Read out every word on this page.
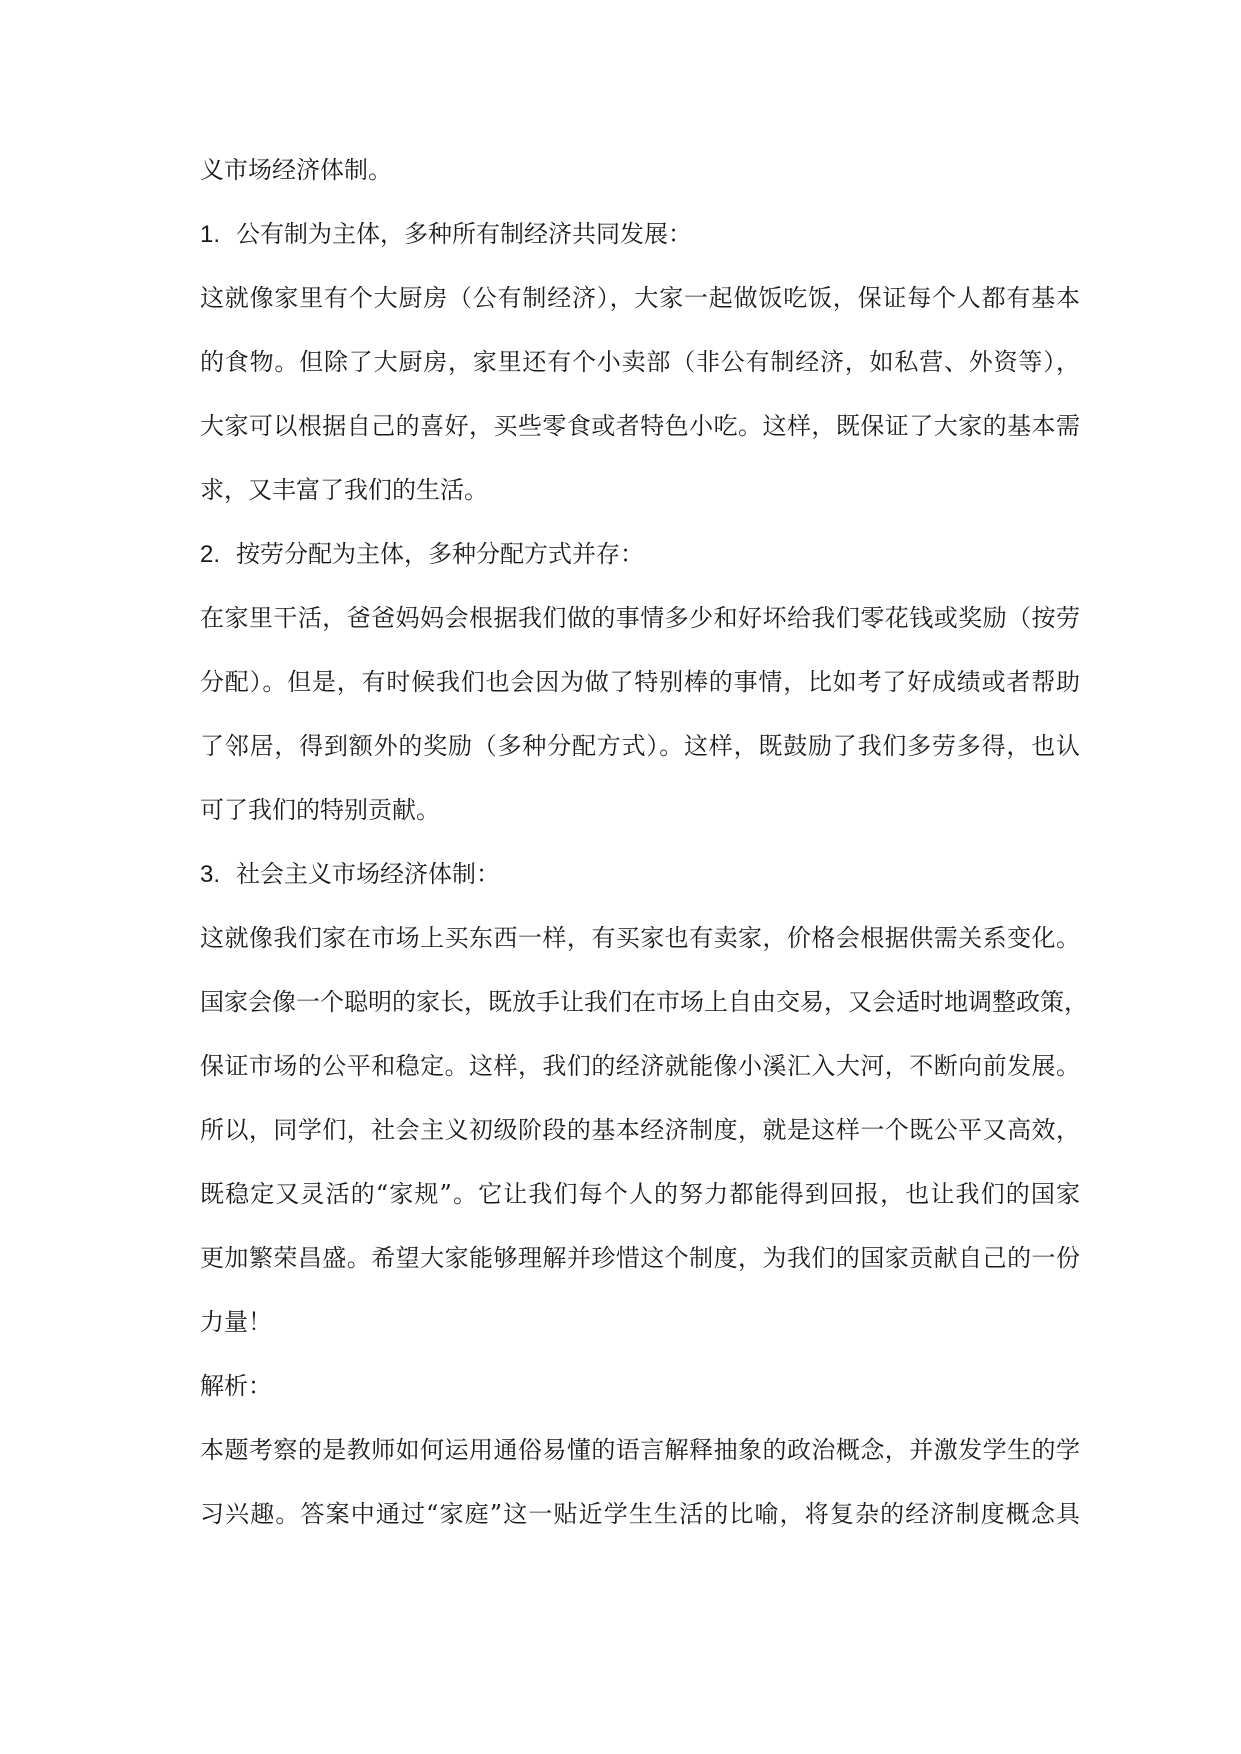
义市场经济体制。
1. 公有制为主体，多种所有制经济共同发展：
这就像家里有个大厨房（公有制经济），大家一起做饭吃饭，保证每个人都有基本
的食物。但除了大厨房，家里还有个小卖部（非公有制经济，如私营、外资等），
大家可以根据自己的喜好，买些零食或者特色小吃。这样，既保证了大家的基本需
求，又丰富了我们的生活。
2. 按劳分配为主体，多种分配方式并存：
在家里干活，爸爸妈妈会根据我们做的事情多少和好坏给我们零花钱或奖励（按劳
分配）。但是，有时候我们也会因为做了特别棒的事情，比如考了好成绩或者帮助
了邻居，得到额外的奖励（多种分配方式）。这样，既鼓励了我们多劳多得，也认
可了我们的特别贡献。
3. 社会主义市场经济体制：
这就像我们家在市场上买东西一样，有买家也有卖家，价格会根据供需关系变化。
国家会像一个聪明的家长，既放手让我们在市场上自由交易，又会适时地调整政策，
保证市场的公平和稳定。这样，我们的经济就能像小溪汇入大河，不断向前发展。
所以，同学们，社会主义初级阶段的基本经济制度，就是这样一个既公平又高效，
既稳定又灵活的“家规”。它让我们每个人的努力都能得到回报，也让我们的国家
更加繁荣昌盛。希望大家能够理解并珍惜这个制度，为我们的国家贡献自己的一份
力量！
解析：
本题考察的是教师如何运用通俗易懂的语言解释抽象的政治概念，并激发学生的学
习兴趣。答案中通过“家庭”这一贴近学生生活的比喻，将复杂的经济制度概念具
